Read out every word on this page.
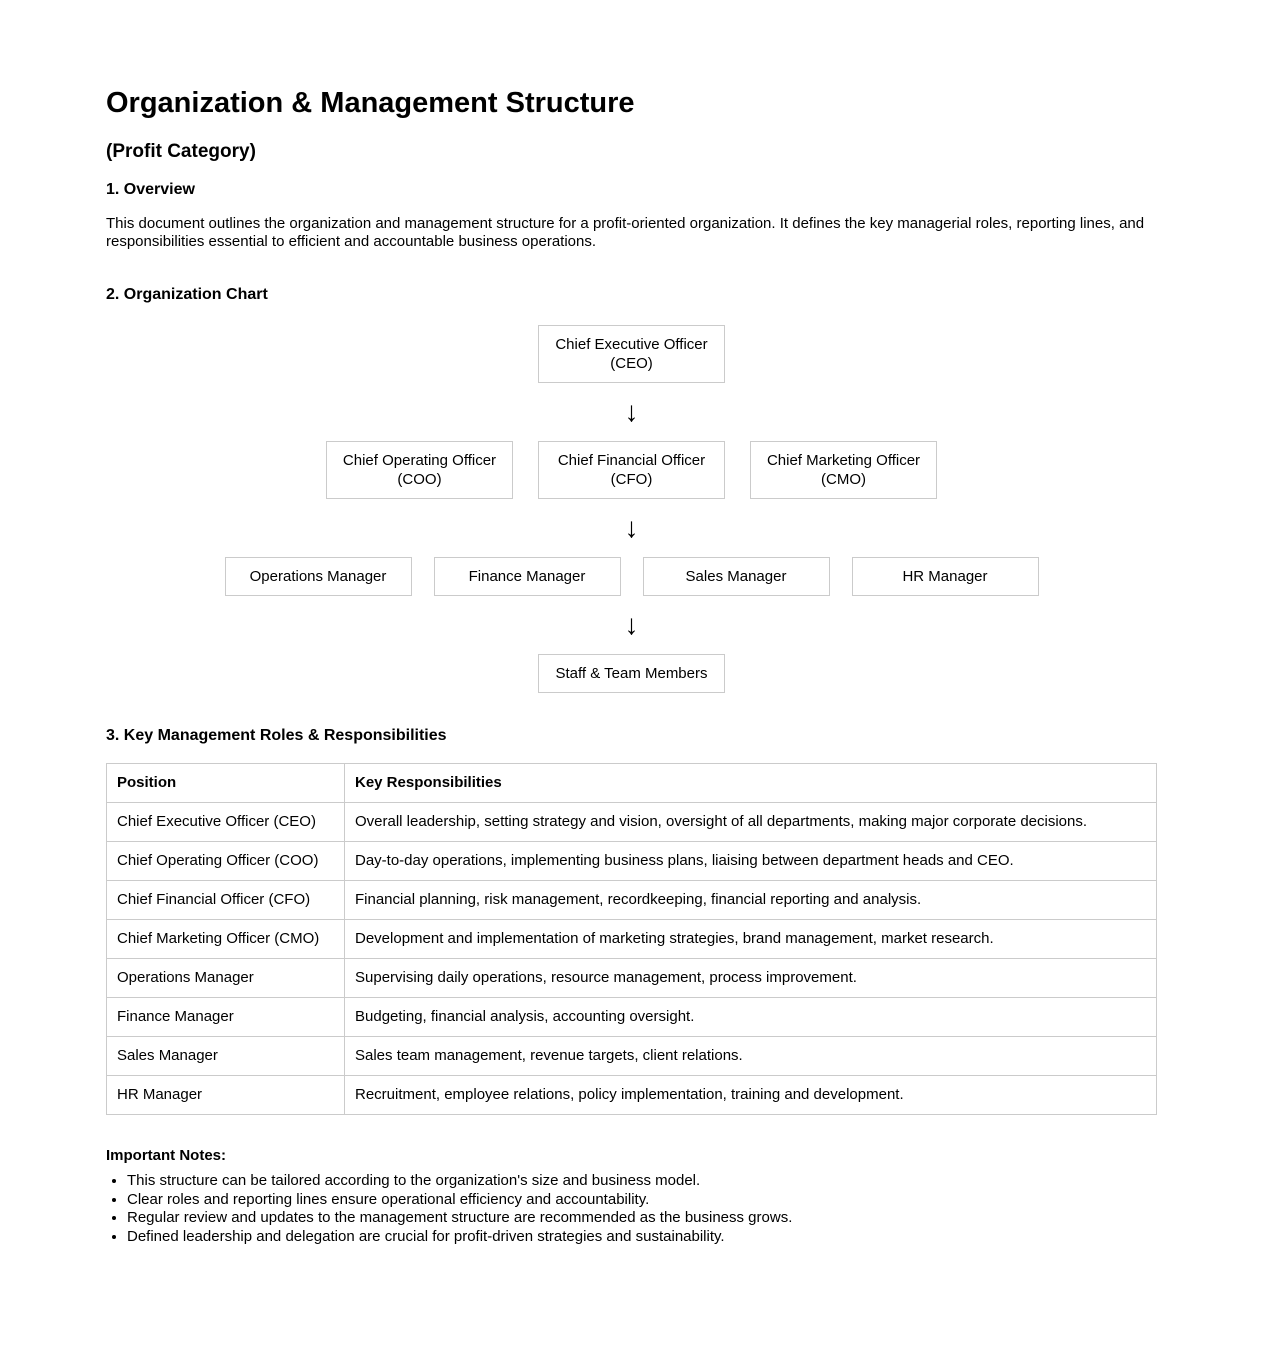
Organization & Management Structure
(Profit Category)
1. Overview

This document outlines the organization and management structure for a profit-oriented organization. It defines the key managerial roles, reporting lines, and responsibilities essential to efficient and accountable business operations.

2. Organization Chart
Chief Executive Officer (CEO)
↓
Chief Operating Officer (COO)
Chief Financial Officer (CFO)
Chief Marketing Officer (CMO)
↓
Operations Manager	Finance Manager	Sales Manager	HR Manager
↓
Staff & Team Members
3. Key Management Roles & Responsibilities
Position	Key Responsibilities
Chief Executive Officer (CEO)	Overall leadership, setting strategy and vision, oversight of all departments, making major corporate decisions.
Chief Operating Officer (COO)	Day-to-day operations, implementing business plans, liaising between department heads and CEO.
Chief Financial Officer (CFO)	Financial planning, risk management, recordkeeping, financial reporting and analysis.
Chief Marketing Officer (CMO)	Development and implementation of marketing strategies, brand management, market research.
Operations Manager	Supervising daily operations, resource management, process improvement.
Finance Manager	Budgeting, financial analysis, accounting oversight.
Sales Manager	Sales team management, revenue targets, client relations.
HR Manager	Recruitment, employee relations, policy implementation, training and development.

Important Notes:

• This structure can be tailored according to the organization's size and business model.
• Clear roles and reporting lines ensure operational efficiency and accountability.
• Regular review and updates to the management structure are recommended as the business grows.
• Defined leadership and delegation are crucial for profit-driven strategies and sustainability.
